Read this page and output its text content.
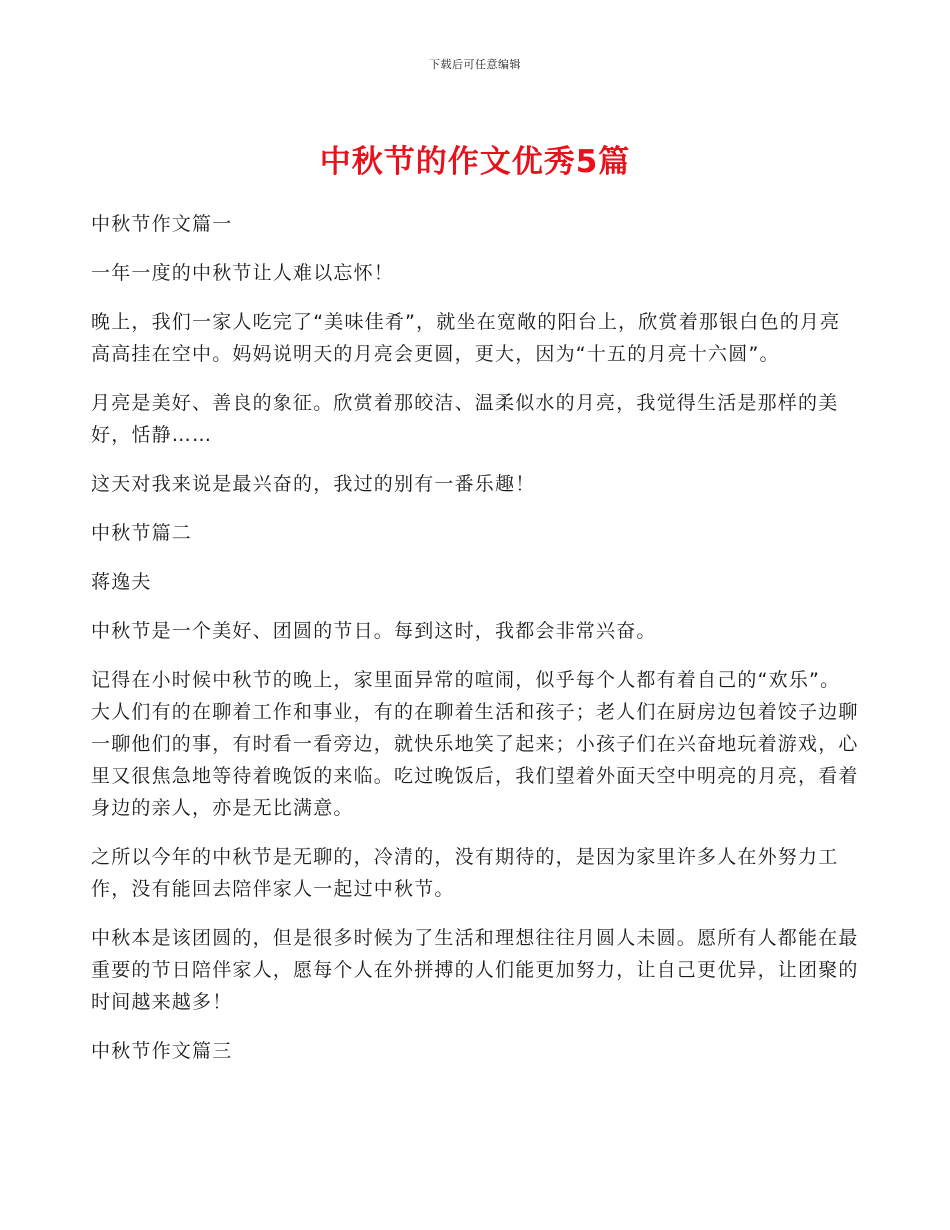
下载后可任意编辑
中秋节的作文优秀5篇

中秋节作文篇一

一年一度的中秋节让人难以忘怀！

晚上，我们一家人吃完了“美味佳肴”，就坐在宽敞的阳台上，欣赏着那银白色的月亮高高挂在空中。妈妈说明天的月亮会更圆，更大，因为“十五的月亮十六圆”。

月亮是美好、善良的象征。欣赏着那皎洁、温柔似水的月亮，我觉得生活是那样的美好，恬静……

这天对我来说是最兴奋的，我过的别有一番乐趣！

中秋节篇二

蒋逸夫

中秋节是一个美好、团圆的节日。每到这时，我都会非常兴奋。

记得在小时候中秋节的晚上，家里面异常的喧闹，似乎每个人都有着自己的“欢乐”。大人们有的在聊着工作和事业，有的在聊着生活和孩子；老人们在厨房边包着饺子边聊一聊他们的事，有时看一看旁边，就快乐地笑了起来；小孩子们在兴奋地玩着游戏，心里又很焦急地等待着晚饭的来临。吃过晚饭后，我们望着外面天空中明亮的月亮，看着身边的亲人，亦是无比满意。

之所以今年的中秋节是无聊的，冷清的，没有期待的，是因为家里许多人在外努力工作，没有能回去陪伴家人一起过中秋节。

中秋本是该团圆的，但是很多时候为了生活和理想往往月圆人未圆。愿所有人都能在最重要的节日陪伴家人，愿每个人在外拼搏的人们能更加努力，让自己更优异，让团聚的时间越来越多！

中秋节作文篇三
